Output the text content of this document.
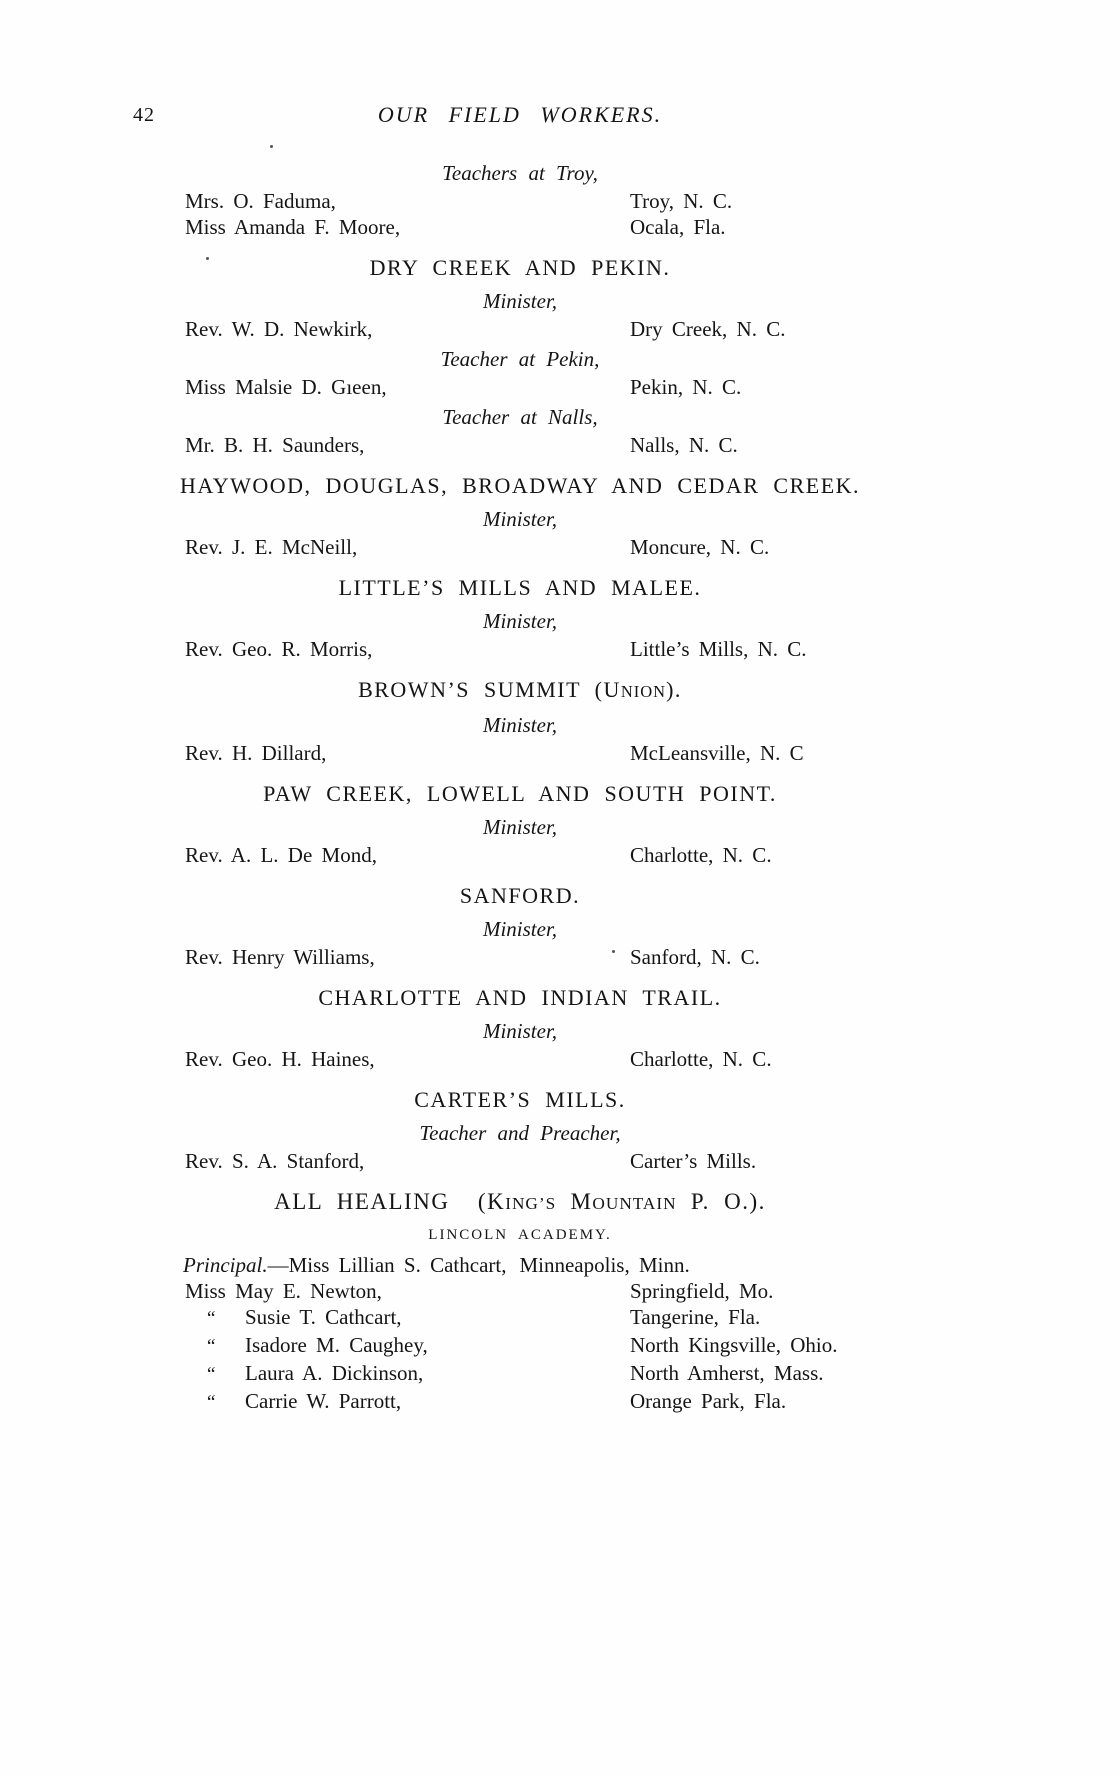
42	OUR FIELD WORKERS.
Teachers at Troy,
Mrs. O. Faduma,	Troy, N. C.
Miss Amanda F. Moore,	Ocala, Fla.
DRY CREEK AND PEKIN.
Minister,
Rev. W. D. Newkirk,	Dry Creek, N. C.
Teacher at Pekin,
Miss Malsie D. Gıeen,	Pekin, N. C.
Teacher at Nalls,
Mr. B. H. Saunders,	Nalls, N. C.
HAYWOOD, DOUGLAS, BROADWAY AND CEDAR CREEK.
Minister,
Rev. J. E. McNeill,	Moncure, N. C.
LITTLE’S MILLS AND MALEE.
Minister,
Rev. Geo. R. Morris,	Little’s Mills, N. C.
BROWN’S SUMMIT (UNION).
Minister,
Rev. H. Dillard,	McLeansville, N. C
PAW CREEK, LOWELL AND SOUTH POINT.
Minister,
Rev. A. L. De Mond,	Charlotte, N. C.
SANFORD.
Minister,
Rev. Henry Williams,	Sanford, N. C.
CHARLOTTE AND INDIAN TRAIL.
Minister,
Rev. Geo. H. Haines,	Charlotte, N. C.
CARTER’S MILLS.
Teacher and Preacher,
Rev. S. A. Stanford,	Carter’s Mills.
ALL HEALING  (KING’S MOUNTAIN P. O.).
LINCOLN ACADEMY.
Principal.—Miss Lillian S. Cathcart, Minneapolis, Minn.
Miss May E. Newton,	Springfield, Mo.
“ Susie T. Cathcart,	Tangerine, Fla.
“ Isadore M. Caughey,	North Kingsville, Ohio.
“ Laura A. Dickinson,	North Amherst, Mass.
“ Carrie W. Parrott,	Orange Park, Fla.
